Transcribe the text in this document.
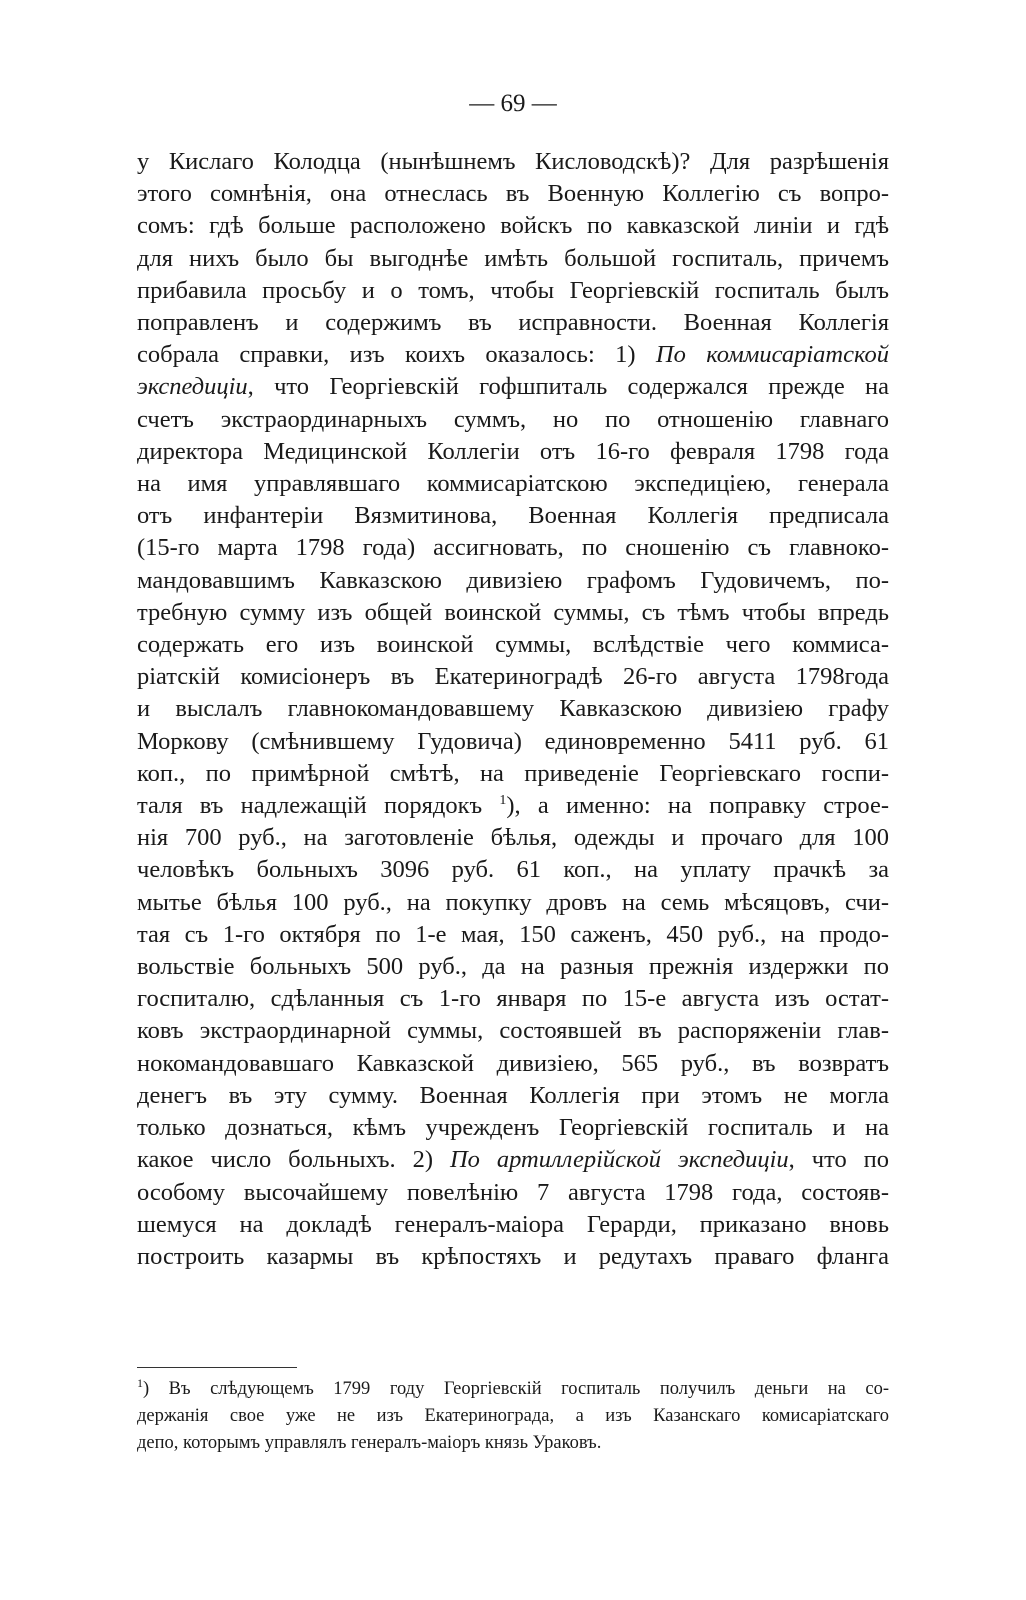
— 69 —
у Кислаго Колодца (нынѣшнемъ Кисловодскѣ)? Для разрѣшенія
этого сомнѣнія, она отнеслась въ Военную Коллегію съ вопро-
сомъ: гдѣ больше расположено войскъ по кавказской линіи и гдѣ
для нихъ было бы выгоднѣе имѣть большой госпиталь, причемъ
прибавила просьбу и о томъ, чтобы Георгіевскій госпиталь былъ
поправленъ и содержимъ въ исправности. Военная Коллегія
собрала справки, изъ коихъ оказалось: 1) По коммисаріатской
экспедиціи, что Георгіевскій гофшпиталь содержался прежде на
счетъ экстраординарныхъ суммъ, но по отношенію главнаго
директора Медицинской Коллегіи отъ 16-го февраля 1798 года
на имя управлявшаго коммисаріатскою экспедиціею, генерала
отъ инфантеріи Вязмитинова, Военная Коллегія предписала
(15-го марта 1798 года) ассигновать, по сношенію съ главноко-
мандовавшимъ Кавказскою дивизіею графомъ Гудовичемъ, по-
требную сумму изъ общей воинской суммы, съ тѣмъ чтобы впредь
содержать его изъ воинской суммы, вслѣдствіе чего коммиса-
ріатскій комисіонеръ въ Екатериноградѣ 26-го августа 1798года
и выслалъ главнокомандовавшему Кавказскою дивизіею графу
Моркову (смѣнившему Гудовича) единовременно 5411 руб. 61
коп., по примѣрной смѣтѣ, на приведеніе Георгіевскаго госпи-
таля въ надлежащій порядокъ $^1$), а именно: на поправку строе-
нія 700 руб., на заготовленіе бѣлья, одежды и прочаго для 100
человѣкъ больныхъ 3096 руб. 61 коп., на уплату прачкѣ за
мытье бѣлья 100 руб., на покупку дровъ на семь мѣсяцовъ, счи-
тая съ 1-го октября по 1-е мая, 150 саженъ, 450 руб., на продо-
вольствіе больныхъ 500 руб., да на разныя прежнія издержки по
госпиталю, сдѣланныя съ 1-го января по 15-е августа изъ остат-
ковъ экстраординарной суммы, состоявшей въ распоряженіи глав-
нокомандовавшаго Кавказской дивизіею, 565 руб., въ возвратъ
денегъ въ эту сумму. Военная Коллегія при этомъ не могла
только дознаться, кѣмъ учрежденъ Георгіевскій госпиталь и на
какое число больныхъ. 2) По артиллерійской экспедиціи, что по
особому высочайшему повелѣнію 7 августа 1798 года, состояв-
шемуся на докладѣ генералъ-маіора Герарди, приказано вновь
построить казармы въ крѣпостяхъ и редутахъ праваго фланга
$^1$) Въ слѣдующемъ 1799 году Георгіевскій госпиталь получилъ деньги на со-
держанія свое уже не изъ Екатеринограда, а изъ Казанскаго комисаріатскаго
депо, которымъ управлялъ генералъ-маіоръ князь Ураковъ.
